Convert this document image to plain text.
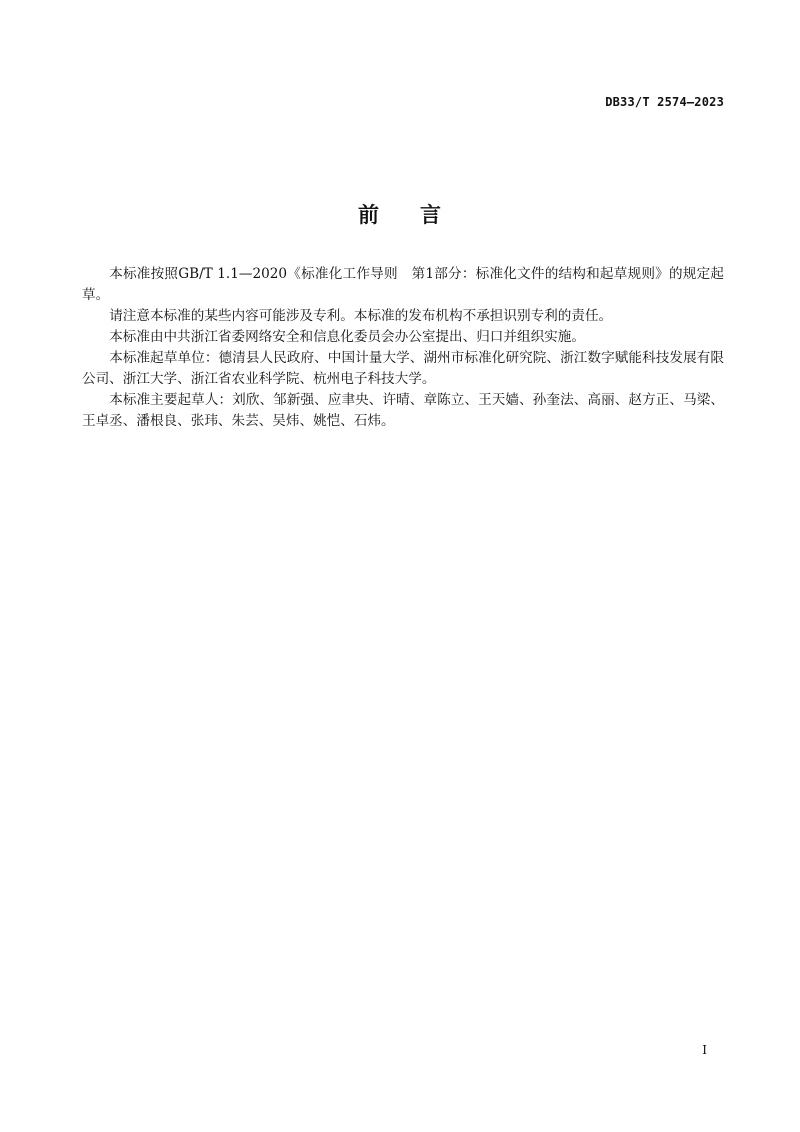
DB33/T 2574—2023
前 言

本标准按照GB/T 1.1—2020《标准化工作导则　第1部分：标准化文件的结构和起草规则》的规定起草。

请注意本标准的某些内容可能涉及专利。本标准的发布机构不承担识别专利的责任。

本标准由中共浙江省委网络安全和信息化委员会办公室提出、归口并组织实施。

本标准起草单位：德清县人民政府、中国计量大学、湖州市标准化研究院、浙江数字赋能科技发展有限公司、浙江大学、浙江省农业科学院、杭州电子科技大学。

本标准主要起草人：刘欣、邹新强、应聿央、许晴、章陈立、王天嫱、孙奎法、高丽、赵方正、马梁、王卓丞、潘根良、张玮、朱芸、吴炜、姚恺、石炜。

I
